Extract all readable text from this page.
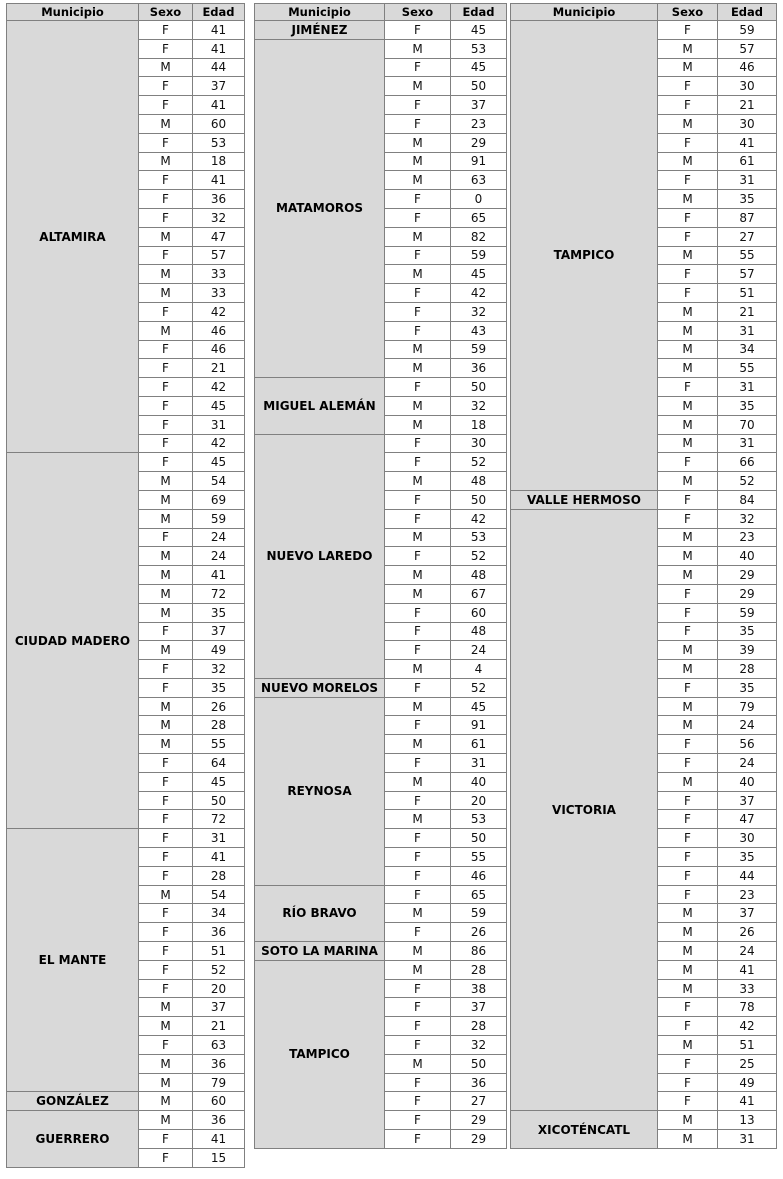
Municipio	Sexo	Edad
ALTAMIRA	F	41
	F	41
	M	44
	F	37
	F	41
	M	60
	F	53
	M	18
	F	41
	F	36
	F	32
	M	47
	F	57
	M	33
	M	33
	F	42
	M	46
	F	46
	F	21
	F	42
	F	45
	F	31
	F	42
CIUDAD MADERO	F	45
	M	54
	M	69
	M	59
	F	24
	M	24
	M	41
	M	72
	M	35
	F	37
	M	49
	F	32
	F	35
	M	26
	M	28
	M	55
	F	64
	F	45
	F	50
	F	72
EL MANTE	F	31
	F	41
	F	28
	M	54
	F	34
	F	36
	F	51
	F	52
	F	20
	M	37
	M	21
	F	63
	M	36
	M	79
GONZÁLEZ	M	60
GUERRERO	M	36
	F	41
	F	15
Municipio	Sexo	Edad
JIMÉNEZ	F	45
MATAMOROS	M	53
	F	45
	M	50
	F	37
	F	23
	M	29
	M	91
	M	63
	F	0
	F	65
	M	82
	F	59
	M	45
	F	42
	F	32
	F	43
	M	59
	M	36
MIGUEL ALEMÁN	F	50
	M	32
	M	18
NUEVO LAREDO	F	30
	F	52
	M	48
	F	50
	F	42
	M	53
	F	52
	M	48
	M	67
	F	60
	F	48
	F	24
	M	4
NUEVO MORELOS	F	52
REYNOSA	M	45
	F	91
	M	61
	F	31
	M	40
	F	20
	M	53
	F	50
	F	55
	F	46
RÍO BRAVO	F	65
	M	59
	F	26
SOTO LA MARINA	M	86
TAMPICO	M	28
	F	38
	F	37
	F	28
	F	32
	M	50
	F	36
	F	27
	F	29
	F	29
Municipio	Sexo	Edad
TAMPICO	F	59
	M	57
	M	46
	F	30
	F	21
	M	30
	F	41
	M	61
	F	31
	M	35
	F	87
	F	27
	M	55
	F	57
	F	51
	M	21
	M	31
	M	34
	M	55
	F	31
	M	35
	M	70
	M	31
	F	66
	M	52
VALLE HERMOSO	F	84
VICTORIA	F	32
	M	23
	M	40
	M	29
	F	29
	F	59
	F	35
	M	39
	M	28
	F	35
	M	79
	M	24
	F	56
	F	24
	M	40
	F	37
	F	47
	F	30
	F	35
	F	44
	F	23
	M	37
	M	26
	M	24
	M	41
	M	33
	F	78
	F	42
	M	51
	F	25
	F	49
	F	41
XICOTÉNCATL	M	13
	M	31
